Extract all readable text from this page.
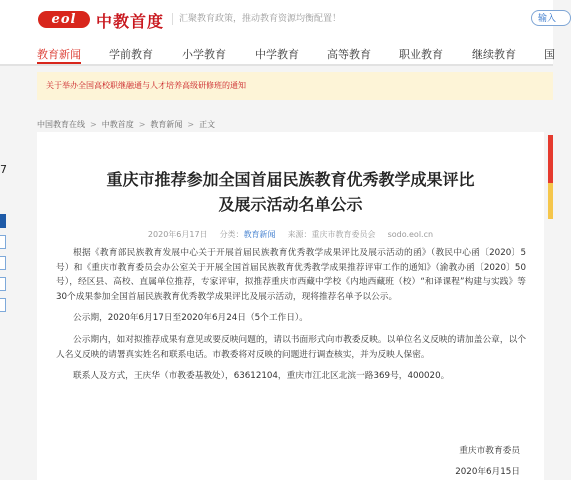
eol	中教首度	汇聚教育政策，推动教育资源均衡配置！	输入
教育新闻	学前教育	小学教育	中学教育	高等教育	职业教育	继续教育	国
关于举办全国高校职继融通与人才培养高级研修班的通知
中国教育在线 > 中教首度 > 教育新闻 > 正文
7
重庆市推荐参加全国首届民族教育优秀教学成果评比
及展示活动名单公示
2020年6月17日 分类：教育新闻 来源：重庆市教育委员会 sodo.eol.cn

根据《教育部民族教育发展中心关于开展首届民族教育优秀教学成果评比及展示活动的函》（教民中心函〔2020〕5号）和《重庆市教育委员会办公室关于开展全国首届民族教育优秀教学成果推荐评审工作的通知》（渝教办函〔2020〕50号），经区县、高校、直属单位推荐，专家评审，拟推荐重庆市西藏中学校《内地西藏班（校）“和译课程”构建与实践》等30个成果参加全国首届民族教育优秀教学成果评比及展示活动，现将推荐名单予以公示。

公示期，2020年6月17日至2020年6月24日（5个工作日）。

公示期内，如对拟推荐成果有意见或要反映问题的，请以书面形式向市教委反映。以单位名义反映的请加盖公章，以个人名义反映的请署真实姓名和联系电话。市教委将对反映的问题进行调查核实，并为反映人保密。

联系人及方式，王庆华（市教委基教处），63612104，重庆市江北区北滨一路369号，400020。

重庆市教育委员
2020年6月15日
